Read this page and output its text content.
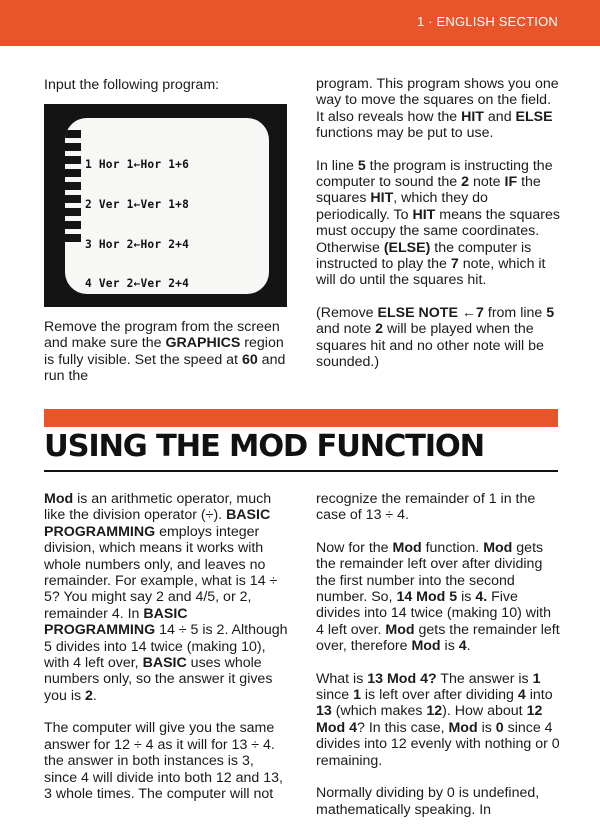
1 · ENGLISH SECTION

Input the following program:

1 Hor 1←Hor 1+6

2 Ver 1←Ver 1+8

3 Hor 2←Hor 2+4

4 Ver 2←Ver 2+4

Remove the program from the screen and make sure the GRAPHICS region is fully visible. Set the speed at 60 and run the

program. This program shows you one way to move the squares on the field. It also reveals how the HIT and ELSE functions may be put to use.

In line 5 the program is instructing the computer to sound the 2 note IF the squares HIT, which they do periodically. To HIT means the squares must occupy the same coordinates. Otherwise (ELSE) the computer is instructed to play the 7 note, which it will do until the squares hit.

(Remove ELSE NOTE ←7 from line 5 and note 2 will be played when the squares hit and no other note will be sounded.)

USING THE MOD FUNCTION

Mod is an arithmetic operator, much like the division operator (÷). BASIC PROGRAMMING employs integer division, which means it works with whole numbers only, and leaves no remainder. For example, what is 14 ÷ 5? You might say 2 and 4/5, or 2, remainder 4. In BASIC PROGRAMMING 14 ÷ 5 is 2. Although 5 divides into 14 twice (making 10), with 4 left over, BASIC uses whole numbers only, so the answer it gives you is 2.

The computer will give you the same answer for 12 ÷ 4 as it will for 13 ÷ 4. the answer in both instances is 3, since 4 will divide into both 12 and 13, 3 whole times. The computer will not

recognize the remainder of 1 in the case of 13 ÷ 4.

Now for the Mod function. Mod gets the remainder left over after dividing the first number into the second number. So, 14 Mod 5 is 4. Five divides into 14 twice (making 10) with 4 left over. Mod gets the remainder left over, therefore Mod is 4.

What is 13 Mod 4? The answer is 1 since 1 is left over after dividing 4 into 13 (which makes 12). How about 12 Mod 4? In this case, Mod is 0 since 4 divides into 12 evenly with nothing or 0 remaining.

Normally dividing by 0 is undefined, mathematically speaking. In
